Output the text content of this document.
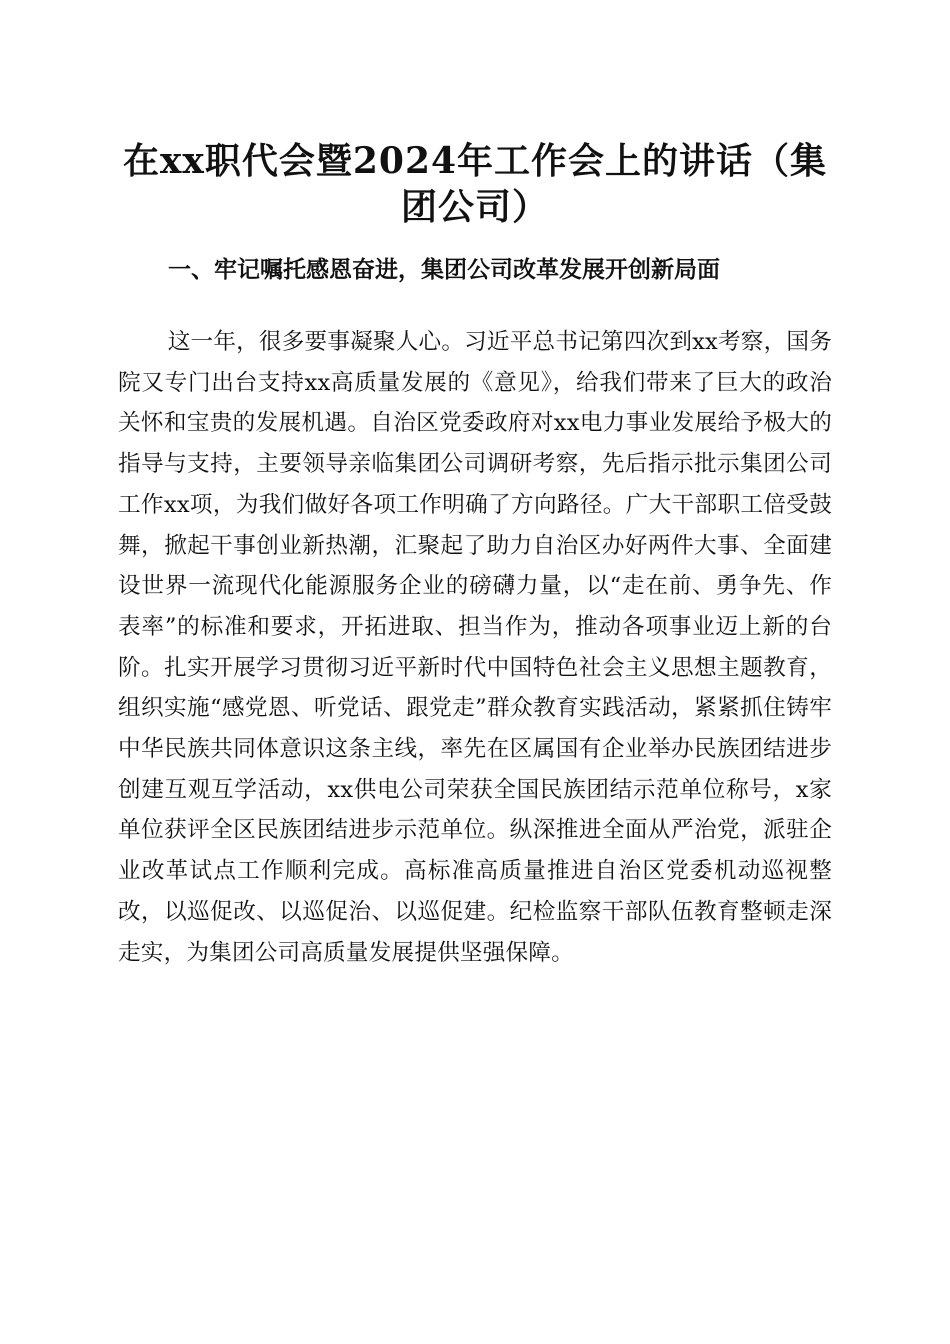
在xx职代会暨2024年工作会上的讲话（集团公司）
一、牢记嘱托感恩奋进，集团公司改革发展开创新局面

这一年，很多要事凝聚人心。习近平总书记第四次到xx考察，国务院又专门出台支持xx高质量发展的《意见》，给我们带来了巨大的政治关怀和宝贵的发展机遇。自治区党委政府对xx电力事业发展给予极大的指导与支持，主要领导亲临集团公司调研考察，先后指示批示集团公司工作xx项，为我们做好各项工作明确了方向路径。广大干部职工倍受鼓舞，掀起干事创业新热潮，汇聚起了助力自治区办好两件大事、全面建设世界一流现代化能源服务企业的磅礴力量，以“走在前、勇争先、作表率”的标准和要求，开拓进取、担当作为，推动各项事业迈上新的台阶。扎实开展学习贯彻习近平新时代中国特色社会主义思想主题教育，组织实施“感党恩、听党话、跟党走”群众教育实践活动，紧紧抓住铸牢中华民族共同体意识这条主线，率先在区属国有企业举办民族团结进步创建互观互学活动，xx供电公司荣获全国民族团结示范单位称号，x家单位获评全区民族团结进步示范单位。纵深推进全面从严治党，派驻企业改革试点工作顺利完成。高标准高质量推进自治区党委机动巡视整改，以巡促改、以巡促治、以巡促建。纪检监察干部队伍教育整顿走深走实，为集团公司高质量发展提供坚强保障。
